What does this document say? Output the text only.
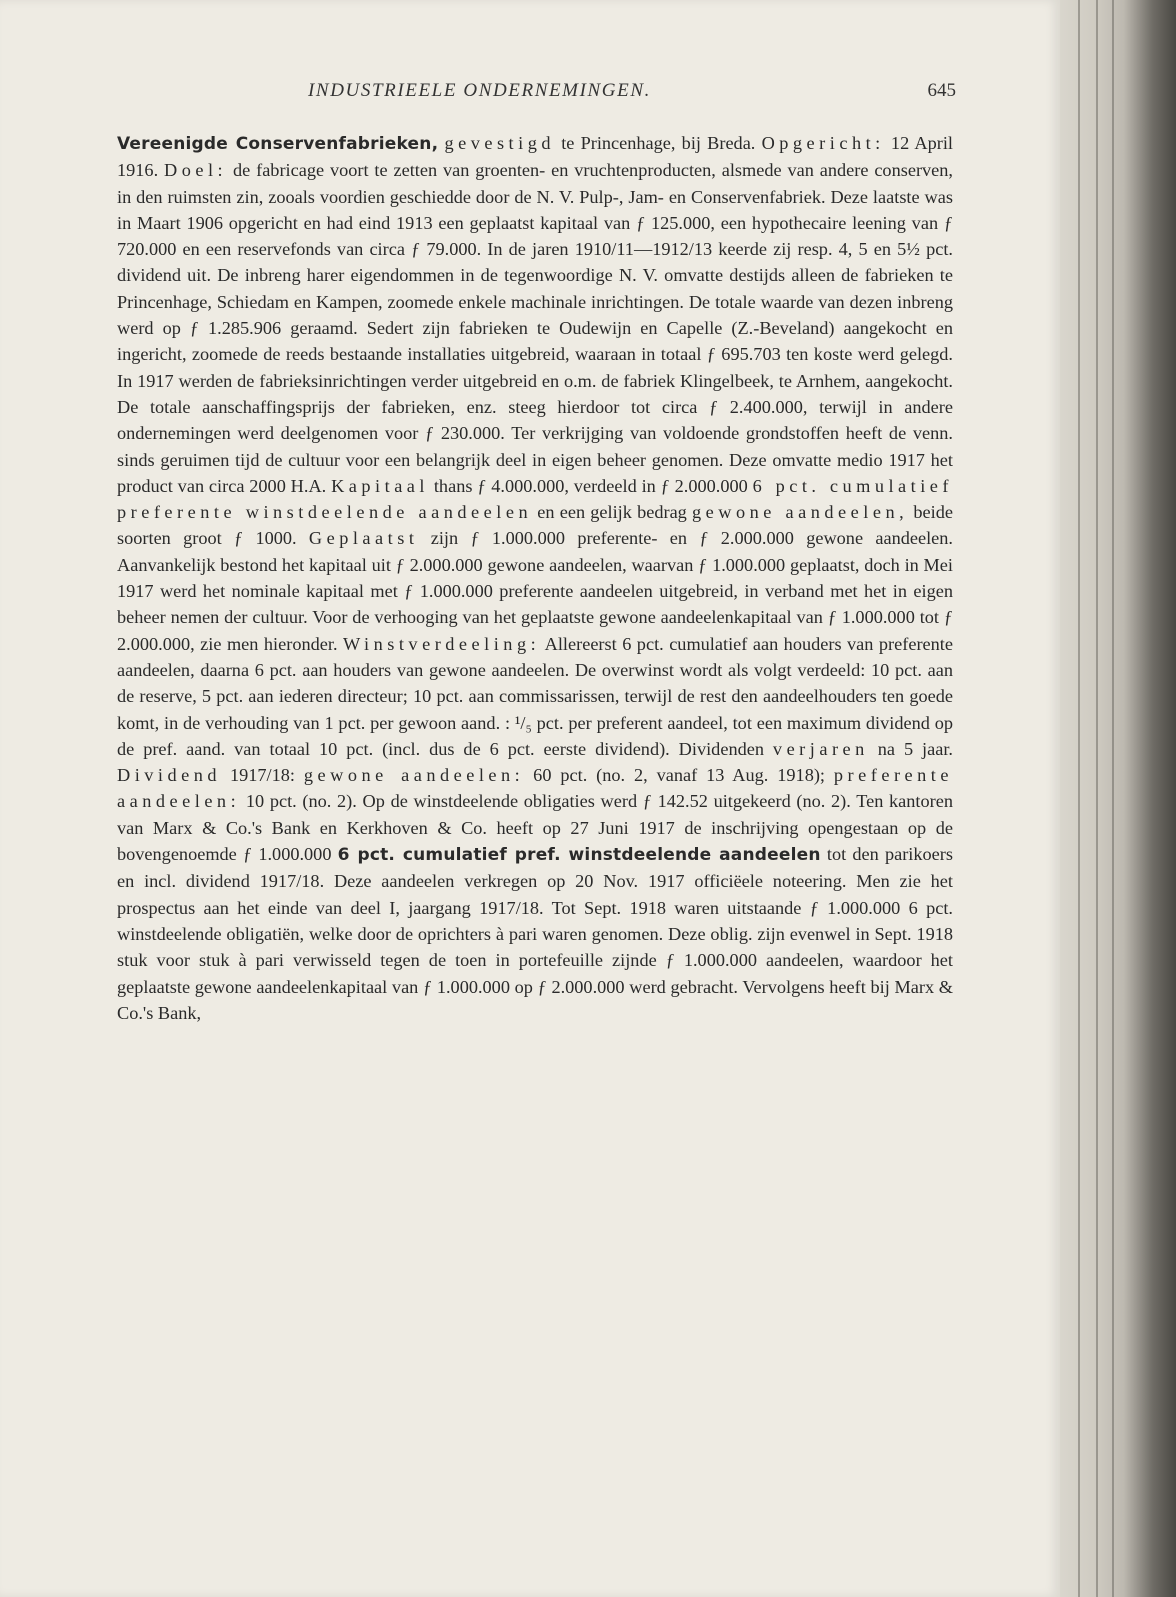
INDUSTRIEELE ONDERNEMINGEN.	645

Vereenigde Conservenfabrieken, gevestigd te Princenhage, bij Breda. Opgericht: 12 April 1916. Doel: de fabricage voort te zetten van groenten- en vruchtenproducten, alsmede van andere conserven, in den ruimsten zin, zooals voordien geschiedde door de N. V. Pulp-, Jam- en Conservenfabriek. Deze laatste was in Maart 1906 opgericht en had eind 1913 een geplaatst kapitaal van ƒ 125.000, een hypothecaire leening van ƒ 720.000 en een reservefonds van circa ƒ 79.000. In de jaren 1910/11—1912/13 keerde zij resp. 4, 5 en 5½ pct. dividend uit. De inbreng harer eigendommen in de tegenwoordige N. V. omvatte destijds alleen de fabrieken te Princenhage, Schiedam en Kampen, zoomede enkele machinale inrichtingen. De totale waarde van dezen inbreng werd op ƒ 1.285.906 geraamd. Sedert zijn fabrieken te Oudewijn en Capelle (Z.-Beveland) aangekocht en ingericht, zoomede de reeds bestaande installaties uitgebreid, waaraan in totaal ƒ 695.703 ten koste werd gelegd. In 1917 werden de fabrieksinrichtingen verder uitgebreid en o.m. de fabriek Klingelbeek, te Arnhem, aangekocht. De totale aanschaffingsprijs der fabrieken, enz. steeg hierdoor tot circa ƒ 2.400.000, terwijl in andere ondernemingen werd deelgenomen voor ƒ 230.000. Ter verkrijging van voldoende grondstoffen heeft de venn. sinds geruimen tijd de cultuur voor een belangrijk deel in eigen beheer genomen. Deze omvatte medio 1917 het product van circa 2000 H.A. Kapitaal thans ƒ 4.000.000, verdeeld in ƒ 2.000.000 6 pct. cumulatief preferente winstdeelende aandeelen en een gelijk bedrag gewone aandeelen, beide soorten groot ƒ 1000. Geplaatst zijn ƒ 1.000.000 preferente- en ƒ 2.000.000 gewone aandeelen. Aanvankelijk bestond het kapitaal uit ƒ 2.000.000 gewone aandeelen, waarvan ƒ 1.000.000 geplaatst, doch in Mei 1917 werd het nominale kapitaal met ƒ 1.000.000 preferente aandeelen uitgebreid, in verband met het in eigen beheer nemen der cultuur. Voor de verhooging van het geplaatste gewone aandeelenkapitaal van ƒ 1.000.000 tot ƒ 2.000.000, zie men hieronder. Winstverdeeling: Allereerst 6 pct. cumulatief aan houders van preferente aandeelen, daarna 6 pct. aan houders van gewone aandeelen. De overwinst wordt als volgt verdeeld: 10 pct. aan de reserve, 5 pct. aan iederen directeur; 10 pct. aan commissarissen, terwijl de rest den aandeelhouders ten goede komt, in de verhouding van 1 pct. per gewoon aand. : ¹/₅ pct. per preferent aandeel, tot een maximum dividend op de pref. aand. van totaal 10 pct. (incl. dus de 6 pct. eerste dividend). Dividenden verjaren na 5 jaar. Dividend 1917/18: gewone aandeelen: 60 pct. (no. 2, vanaf 13 Aug. 1918); preferente aandeelen: 10 pct. (no. 2). Op de winstdeelende obligaties werd ƒ 142.52 uitgekeerd (no. 2). Ten kantoren van Marx & Co.'s Bank en Kerkhoven & Co. heeft op 27 Juni 1917 de inschrijving opengestaan op de bovengenoemde ƒ 1.000.000 6 pct. cumulatief pref. winstdeelende aandeelen tot den parikoers en incl. dividend 1917/18. Deze aandeelen verkregen op 20 Nov. 1917 officiëele noteering. Men zie het prospectus aan het einde van deel I, jaargang 1917/18. Tot Sept. 1918 waren uitstaande ƒ 1.000.000 6 pct. winstdeelende obligatiën, welke door de oprichters à pari waren genomen. Deze oblig. zijn evenwel in Sept. 1918 stuk voor stuk à pari verwisseld tegen de toen in portefeuille zijnde ƒ 1.000.000 aandeelen, waardoor het geplaatste gewone aandeelenkapitaal van ƒ 1.000.000 op ƒ 2.000.000 werd gebracht. Vervolgens heeft bij Marx & Co.'s Bank,
